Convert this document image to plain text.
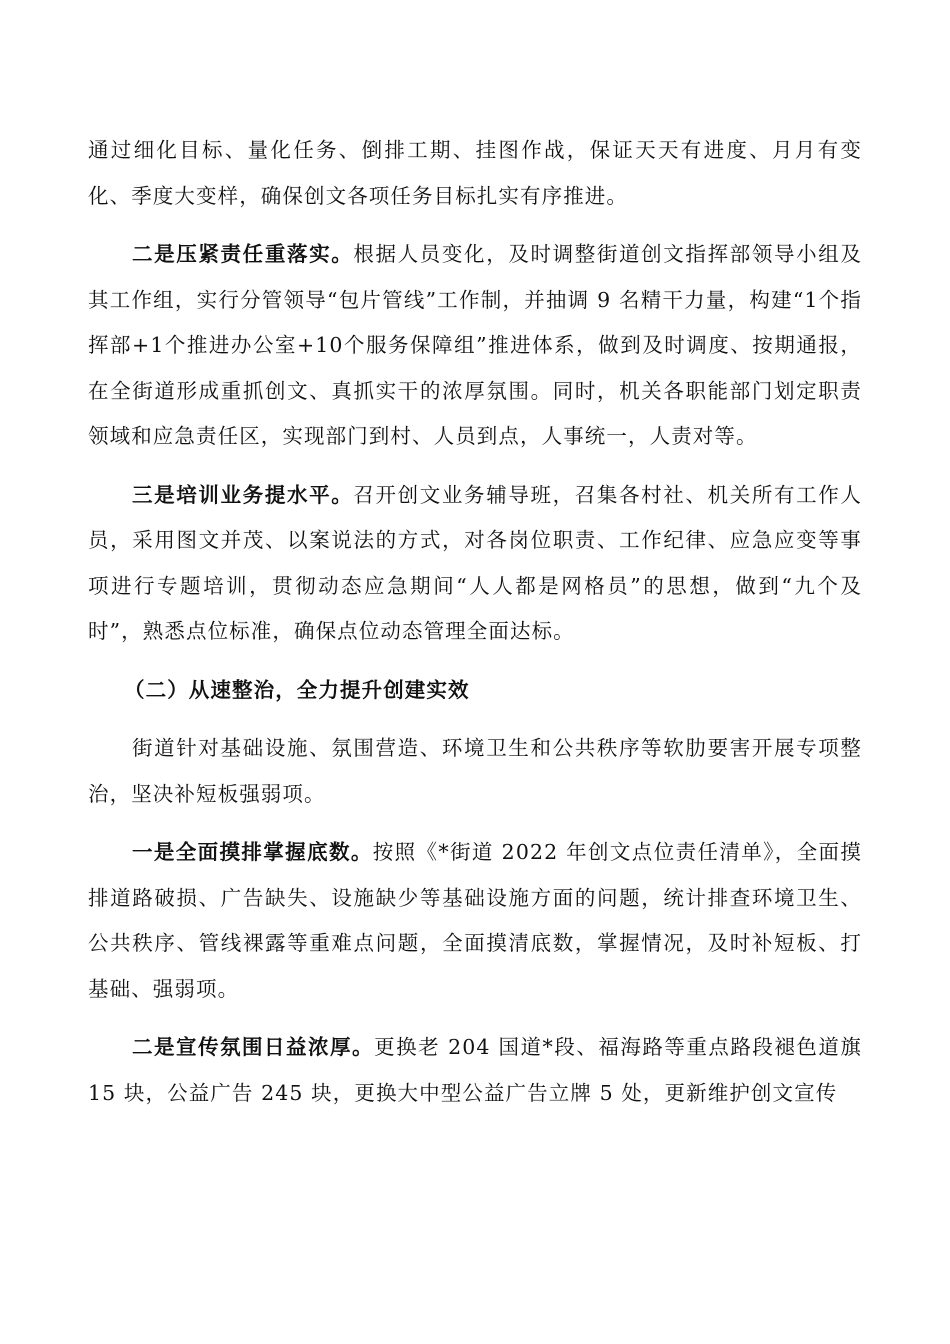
通过细化目标、量化任务、倒排工期、挂图作战，保证天天有进度、月月有变化、季度大变样，确保创文各项任务目标扎实有序推进。

二是压紧责任重落实。根据人员变化，及时调整街道创文指挥部领导小组及其工作组，实行分管领导“包片管线”工作制，并抽调 9 名精干力量，构建“1个指挥部+1个推进办公室+10个服务保障组”推进体系，做到及时调度、按期通报，在全街道形成重抓创文、真抓实干的浓厚氛围。同时，机关各职能部门划定职责领域和应急责任区，实现部门到村、人员到点，人事统一，人责对等。

三是培训业务提水平。召开创文业务辅导班，召集各村社、机关所有工作人员，采用图文并茂、以案说法的方式，对各岗位职责、工作纪律、应急应变等事项进行专题培训，贯彻动态应急期间“人人都是网格员”的思想，做到“九个及时”，熟悉点位标准，确保点位动态管理全面达标。

（二）从速整治，全力提升创建实效

街道针对基础设施、氛围营造、环境卫生和公共秩序等软肋要害开展专项整治，坚决补短板强弱项。

一是全面摸排掌握底数。按照《*街道 2022 年创文点位责任清单》，全面摸排道路破损、广告缺失、设施缺少等基础设施方面的问题，统计排查环境卫生、公共秩序、管线裸露等重难点问题，全面摸清底数，掌握情况，及时补短板、打基础、强弱项。

二是宣传氛围日益浓厚。更换老 204 国道*段、福海路等重点路段褪色道旗 15 块，公益广告 245 块，更换大中型公益广告立牌 5 处，更新维护创文宣传
